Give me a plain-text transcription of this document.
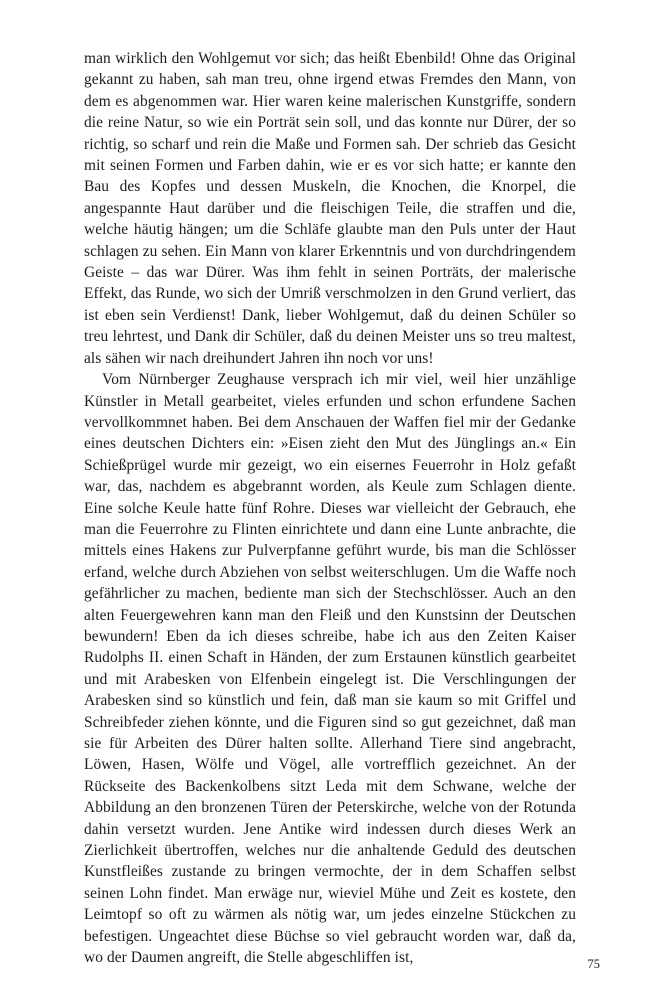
man wirklich den Wohlgemut vor sich; das heißt Ebenbild! Ohne das Original gekannt zu haben, sah man treu, ohne irgend etwas Fremdes den Mann, von dem es abgenommen war. Hier waren keine malerischen Kunstgriffe, sondern die reine Natur, so wie ein Porträt sein soll, und das konnte nur Dürer, der so richtig, so scharf und rein die Maße und Formen sah. Der schrieb das Gesicht mit seinen Formen und Farben dahin, wie er es vor sich hatte; er kannte den Bau des Kopfes und dessen Muskeln, die Knochen, die Knorpel, die angespannte Haut darüber und die fleischigen Teile, die straffen und die, welche häutig hängen; um die Schläfe glaubte man den Puls unter der Haut schlagen zu sehen. Ein Mann von klarer Erkenntnis und von durchdringendem Geiste – das war Dürer. Was ihm fehlt in seinen Porträts, der malerische Effekt, das Runde, wo sich der Umriß verschmolzen in den Grund verliert, das ist eben sein Verdienst! Dank, lieber Wohlgemut, daß du deinen Schüler so treu lehrtest, und Dank dir Schüler, daß du deinen Meister uns so treu maltest, als sähen wir nach dreihundert Jahren ihn noch vor uns!

Vom Nürnberger Zeughause versprach ich mir viel, weil hier unzählige Künstler in Metall gearbeitet, vieles erfunden und schon erfundene Sachen vervollkommnet haben. Bei dem Anschauen der Waffen fiel mir der Gedanke eines deutschen Dichters ein: »Eisen zieht den Mut des Jünglings an.« Ein Schießprügel wurde mir gezeigt, wo ein eisernes Feuerrohr in Holz gefaßt war, das, nachdem es abgebrannt worden, als Keule zum Schlagen diente. Eine solche Keule hatte fünf Rohre. Dieses war vielleicht der Gebrauch, ehe man die Feuerrohre zu Flinten einrichtete und dann eine Lunte anbrachte, die mittels eines Hakens zur Pulverpfanne geführt wurde, bis man die Schlösser erfand, welche durch Abziehen von selbst weiterschlugen. Um die Waffe noch gefährlicher zu machen, bediente man sich der Stechschlösser. Auch an den alten Feuergewehren kann man den Fleiß und den Kunstsinn der Deutschen bewundern! Eben da ich dieses schreibe, habe ich aus den Zeiten Kaiser Rudolphs II. einen Schaft in Händen, der zum Erstaunen künstlich gearbeitet und mit Arabesken von Elfenbein eingelegt ist. Die Verschlingungen der Arabesken sind so künstlich und fein, daß man sie kaum so mit Griffel und Schreibfeder ziehen könnte, und die Figuren sind so gut gezeichnet, daß man sie für Arbeiten des Dürer halten sollte. Allerhand Tiere sind angebracht, Löwen, Hasen, Wölfe und Vögel, alle vortrefflich gezeichnet. An der Rückseite des Backenkolbens sitzt Leda mit dem Schwane, welche der Abbildung an den bronzenen Türen der Peterskirche, welche von der Rotunda dahin versetzt wurden. Jene Antike wird indessen durch dieses Werk an Zierlichkeit übertroffen, welches nur die anhaltende Geduld des deutschen Kunstfleißes zustande zu bringen vermochte, der in dem Schaffen selbst seinen Lohn findet. Man erwäge nur, wieviel Mühe und Zeit es kostete, den Leimtopf so oft zu wärmen als nötig war, um jedes einzelne Stückchen zu befestigen. Ungeachtet diese Büchse so viel gebraucht worden war, daß da, wo der Daumen angreift, die Stelle abgeschliffen ist,	75
